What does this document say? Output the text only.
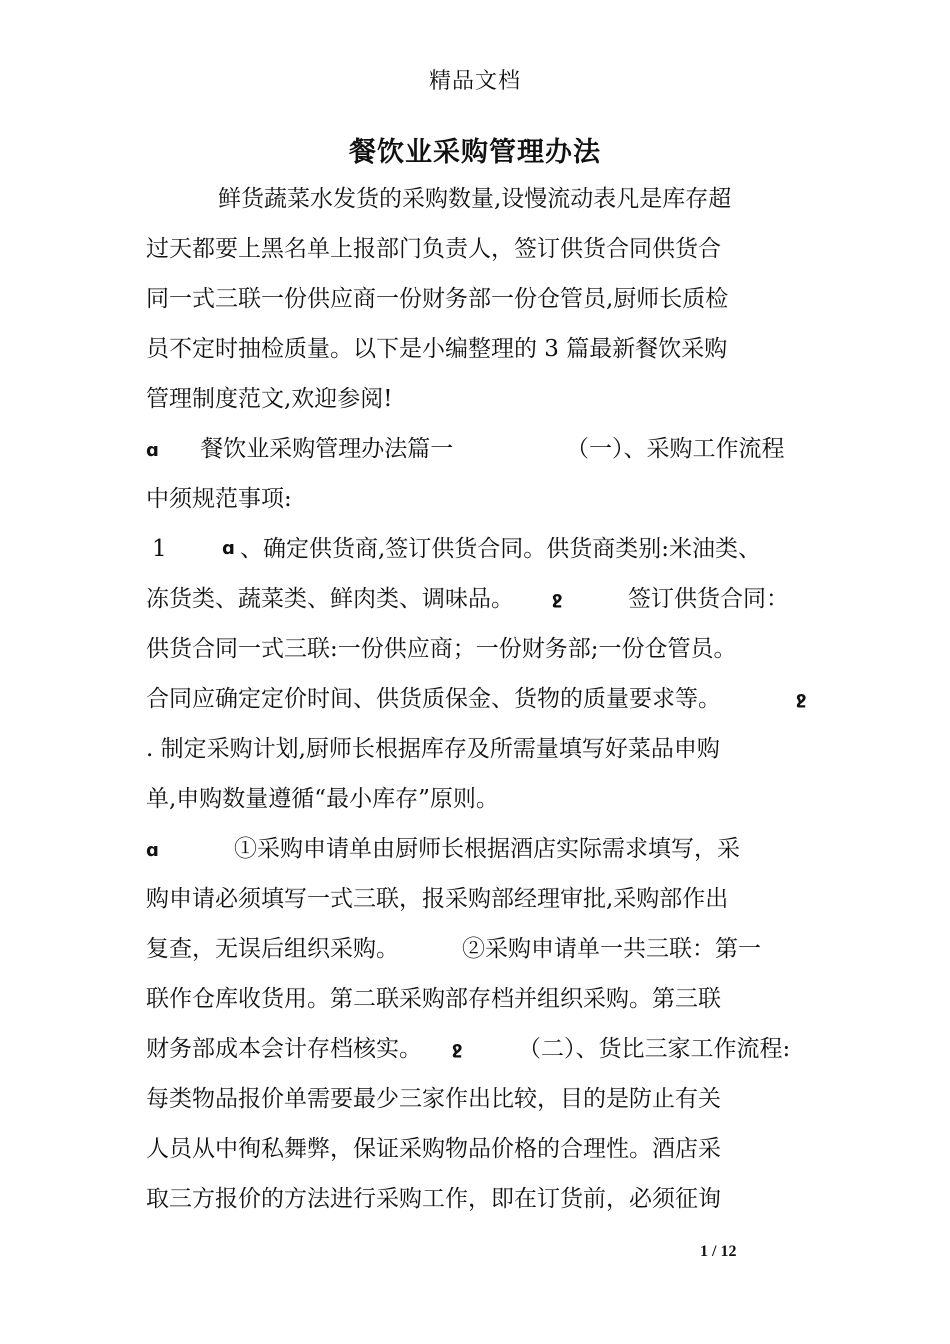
精品文档
餐饮业采购管理办法
鲜货蔬菜水发货的采购数量,设慢流动表凡是库存超
过天都要上黑名单上报部门负责人，签订供货合同供货合
同一式三联一份供应商一份财务部一份仓管员,厨师长质检
员不定时抽检质量。以下是小编整理的 3 篇最新餐饮采购
管理制度范文,欢迎参阅!
ɑ 餐饮业采购管理办法篇一	（一）、采购工作流程
中须规范事项:
1	ɑ 、确定供货商,签订供货合同。供货商类别:米油类、
冻货类、蔬菜类、鲜肉类、调味品。 ջ	签订供货合同：
供货合同一式三联:一份供应商；一份财务部;一份仓管员。
合同应确定定价时间、供货质保金、货物的质量要求等。	ջ
. 制定采购计划,厨师长根据库存及所需量填写好菜品申购
单,申购数量遵循“最小库存”原则。
ɑ	①采购申请单由厨师长根据酒店实际需求填写，采
购申请必须填写一式三联，报采购部经理审批,采购部作出
复查，无误后组织采购。	②采购申请单一共三联：第一
联作仓库收货用。第二联采购部存档并组织采购。第三联
财务部成本会计存档核实。 ջ （二）、货比三家工作流程:
每类物品报价单需要最少三家作出比较，目的是防止有关
人员从中徇私舞弊，保证采购物品价格的合理性。酒店采
取三方报价的方法进行采购工作，即在订货前，必须征询
1 / 12
